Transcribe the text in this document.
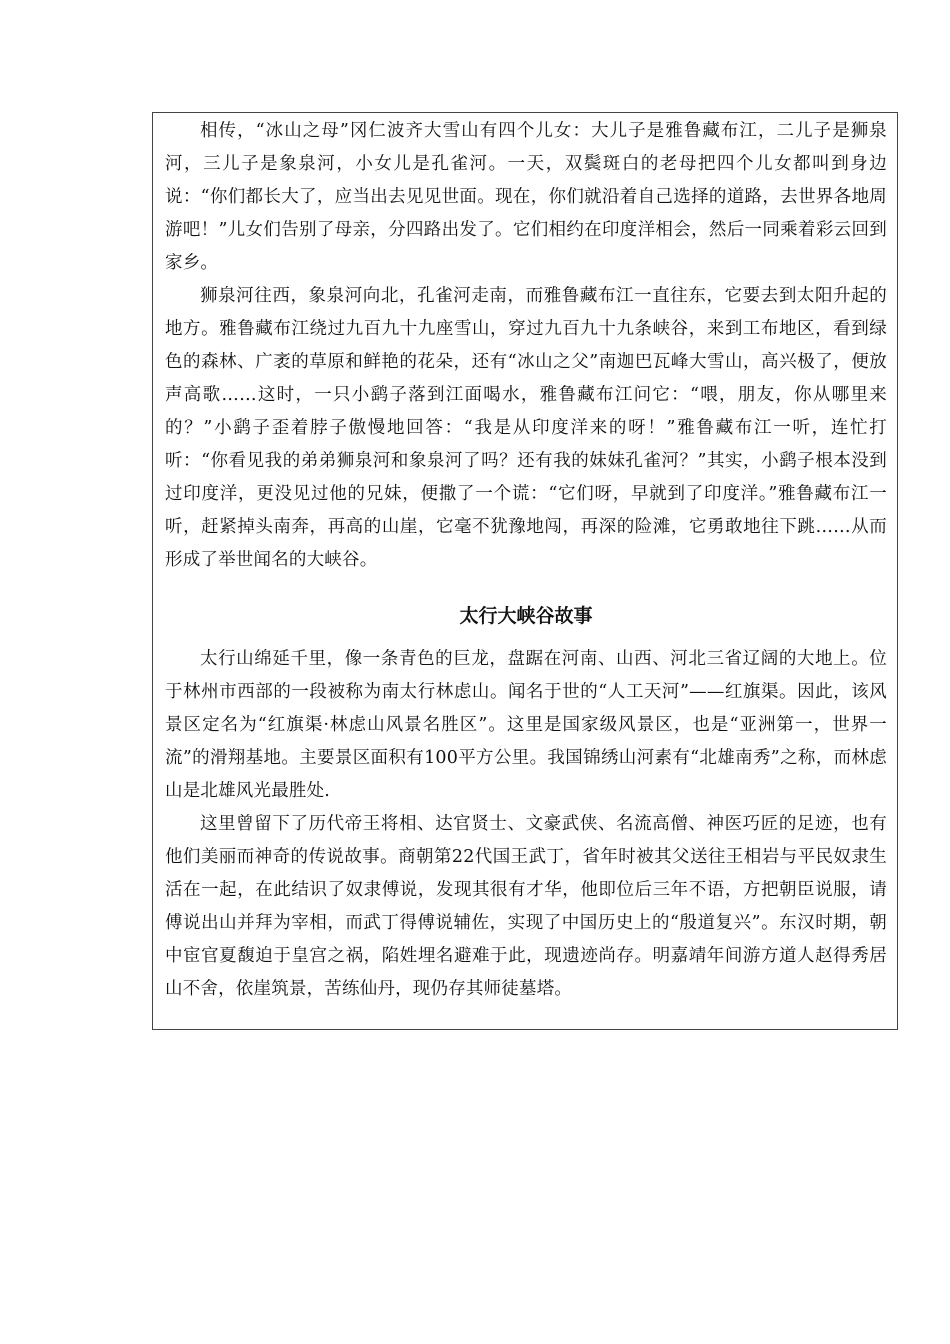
相传，“冰山之母”冈仁波齐大雪山有四个儿女：大儿子是雅鲁藏布江，二儿子是狮泉河，三儿子是象泉河，小女儿是孔雀河。一天，双鬓斑白的老母把四个儿女都叫到身边说：“你们都长大了，应当出去见见世面。现在，你们就沿着自己选择的道路，去世界各地周游吧！”儿女们告别了母亲，分四路出发了。它们相约在印度洋相会，然后一同乘着彩云回到家乡。

狮泉河往西，象泉河向北，孔雀河走南，而雅鲁藏布江一直往东，它要去到太阳升起的地方。雅鲁藏布江绕过九百九十九座雪山，穿过九百九十九条峡谷，来到工布地区，看到绿色的森林、广袤的草原和鲜艳的花朵，还有“冰山之父”南迦巴瓦峰大雪山，高兴极了，便放声高歌……这时，一只小鹞子落到江面喝水，雅鲁藏布江问它：“喂，朋友，你从哪里来的？”小鹞子歪着脖子傲慢地回答：“我是从印度洋来的呀！”雅鲁藏布江一听，连忙打听：“你看见我的弟弟狮泉河和象泉河了吗？还有我的妹妹孔雀河？”其实，小鹞子根本没到过印度洋，更没见过他的兄妹，便撒了一个谎：“它们呀，早就到了印度洋。”雅鲁藏布江一听，赶紧掉头南奔，再高的山崖，它毫不犹豫地闯，再深的险滩，它勇敢地往下跳……从而形成了举世闻名的大峡谷。

太行大峡谷故事

太行山绵延千里，像一条青色的巨龙，盘踞在河南、山西、河北三省辽阔的大地上。位于林州市西部的一段被称为南太行林虑山。闻名于世的“人工天河”——红旗渠。因此，该风景区定名为“红旗渠·林虑山风景名胜区”。这里是国家级风景区，也是“亚洲第一，世界一流”的滑翔基地。主要景区面积有100平方公里。我国锦绣山河素有“北雄南秀”之称，而林虑山是北雄风光最胜处.

这里曾留下了历代帝王将相、达官贤士、文豪武侠、名流高僧、神医巧匠的足迹，也有他们美丽而神奇的传说故事。商朝第22代国王武丁，省年时被其父送往王相岩与平民奴隶生活在一起，在此结识了奴隶傅说，发现其很有才华，他即位后三年不语，方把朝臣说服，请傅说出山并拜为宰相，而武丁得傅说辅佐，实现了中国历史上的“殷道复兴”。东汉时期，朝中宦官夏馥迫于皇宫之祸，陷姓埋名避难于此，现遗迹尚存。明嘉靖年间游方道人赵得秀居山不舍，依崖筑景，苦练仙丹，现仍存其师徒墓塔。
